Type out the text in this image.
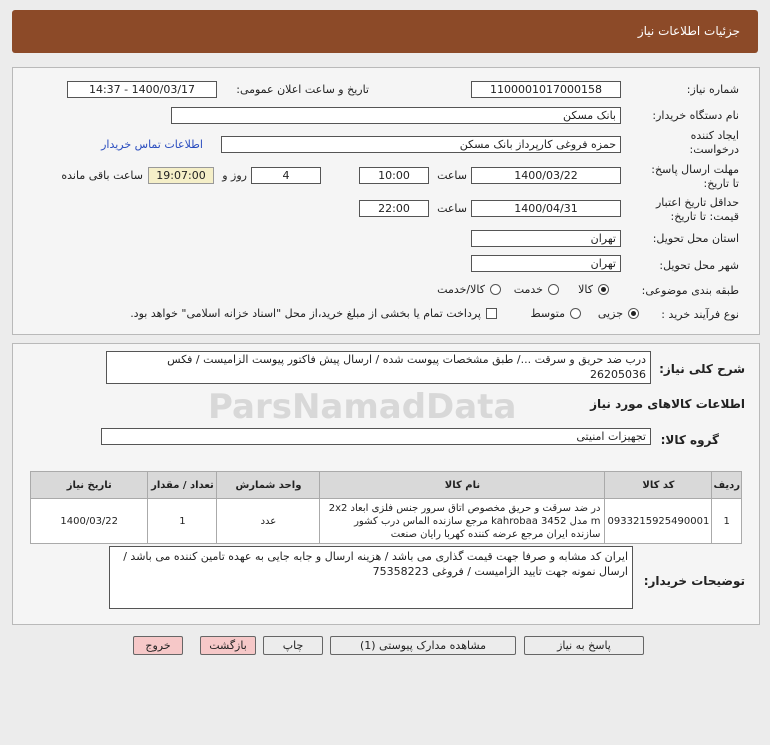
جزئیات اطلاعات نیاز
شماره نیاز:
1100001017000158
تاریخ و ساعت اعلان عمومی:
1400/03/17 - 14:37
نام دستگاه خریدار:
بانک مسکن
ایجاد کننده
درخواست:
حمزه فروغی کارپرداز بانک مسکن
اطلاعات تماس خریدار
مهلت ارسال پاسخ:
تا تاریخ:
1400/03/22
ساعت
10:00
4
روز و
19:07:00
ساعت باقی مانده
حداقل تاریخ اعتبار
قیمت: تا تاریخ:
1400/04/31
ساعت
22:00
استان محل تحویل:
تهران
شهر محل تحویل:
تهران
طبقه بندی موضوعی:
کالا
خدمت
کالا/خدمت
نوع فرآیند خرید :
جزیی
متوسط
پرداخت تمام یا بخشی از مبلغ خرید،از محل "اسناد خزانه اسلامی" خواهد بود.
ParsNamadData
شرح کلی نیاز:
درب ضد حریق و سرقت .../ طبق مشخصات پیوست شده / ارسال پیش فاکتور پیوست الزامیست / فکس 26205036
اطلاعات کالاهای مورد نیاز
گروه کالا:
تجهیزات امنیتی
ردیف	کد کالا	نام کالا	واحد شمارش	تعداد / مقدار	تاریخ نیاز
1	0933215925490001	در ضد سرقت و حریق مخصوص اتاق سرور جنس فلزی ابعاد 2x2 m مدل kahrobaa 3452 مرجع سازنده الماس درب کشور سازنده ایران مرجع عرضه کننده کهربا رایان صنعت	عدد	1	1400/03/22
توضیحات خریدار:
ایران کد مشابه و صرفا جهت قیمت گذاری می باشد / هزینه ارسال و جابه جایی به عهده تامین کننده می باشد / ارسال نمونه جهت تایید الزامیست / فروغی 75358223
پاسخ به نیاز
مشاهده مدارک پیوستی (1)
چاپ
بازگشت
خروج
